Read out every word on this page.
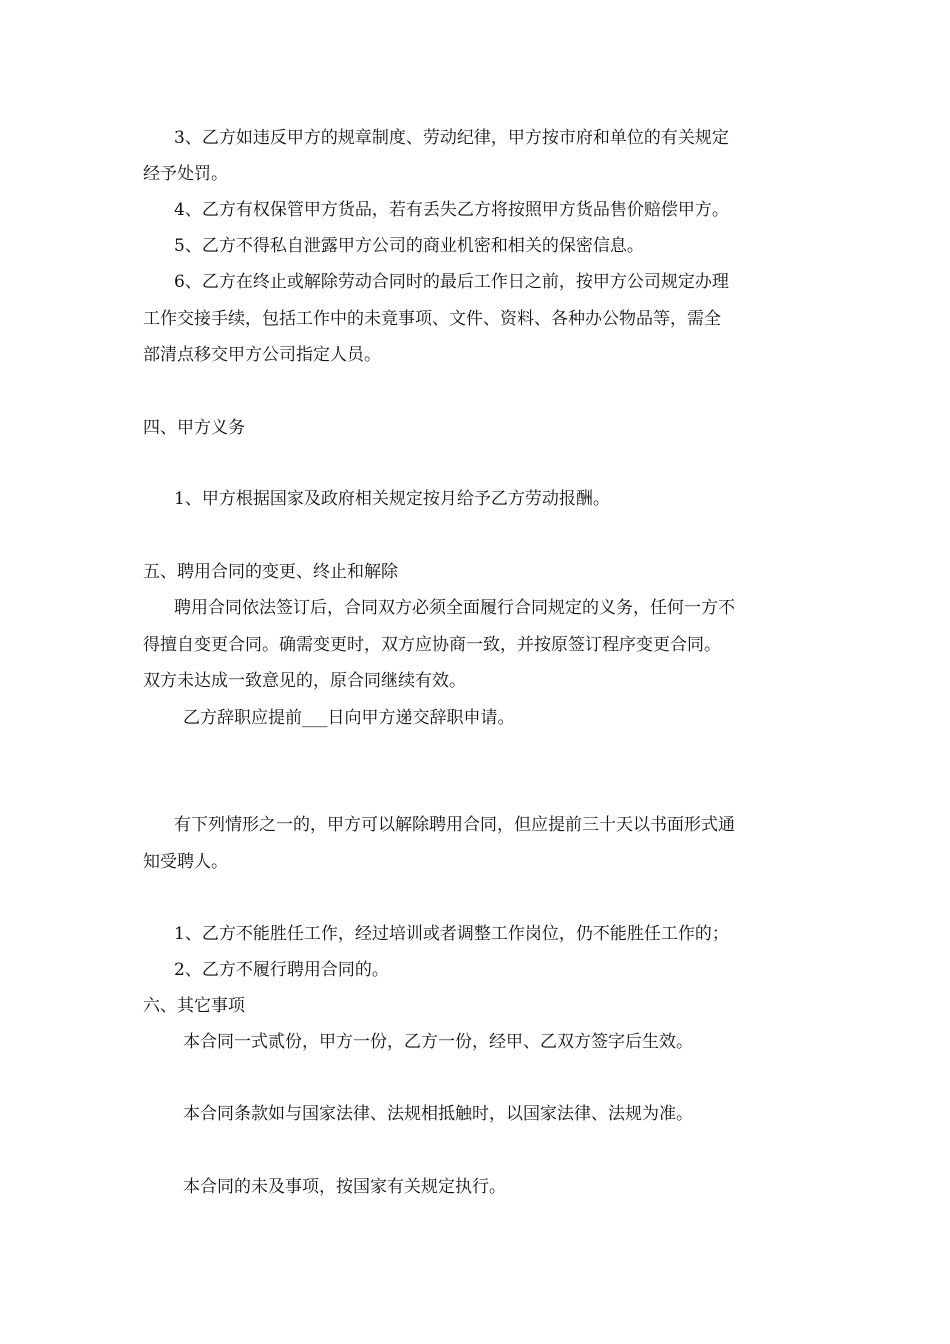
3、乙方如违反甲方的规章制度、劳动纪律，甲方按市府和单位的有关规定
经予处罚。
4、乙方有权保管甲方货品，若有丢失乙方将按照甲方货品售价赔偿甲方。
5、乙方不得私自泄露甲方公司的商业机密和相关的保密信息。
6、乙方在终止或解除劳动合同时的最后工作日之前，按甲方公司规定办理
工作交接手续，包括工作中的未竟事项、文件、资料、各种办公物品等，需全
部清点移交甲方公司指定人员。
四、甲方义务
1、甲方根据国家及政府相关规定按月给予乙方劳动报酬。
五、聘用合同的变更、终止和解除
聘用合同依法签订后，合同双方必须全面履行合同规定的义务，任何一方不
得擅自变更合同。确需变更时，双方应协商一致，并按原签订程序变更合同。
双方未达成一致意见的，原合同继续有效。
乙方辞职应提前___日向甲方递交辞职申请。
有下列情形之一的，甲方可以解除聘用合同，但应提前三十天以书面形式通
知受聘人。
1、乙方不能胜任工作，经过培训或者调整工作岗位，仍不能胜任工作的；
2、乙方不履行聘用合同的。
六、其它事项
本合同一式贰份，甲方一份，乙方一份，经甲、乙双方签字后生效。
本合同条款如与国家法律、法规相抵触时，以国家法律、法规为准。
本合同的未及事项，按国家有关规定执行。
